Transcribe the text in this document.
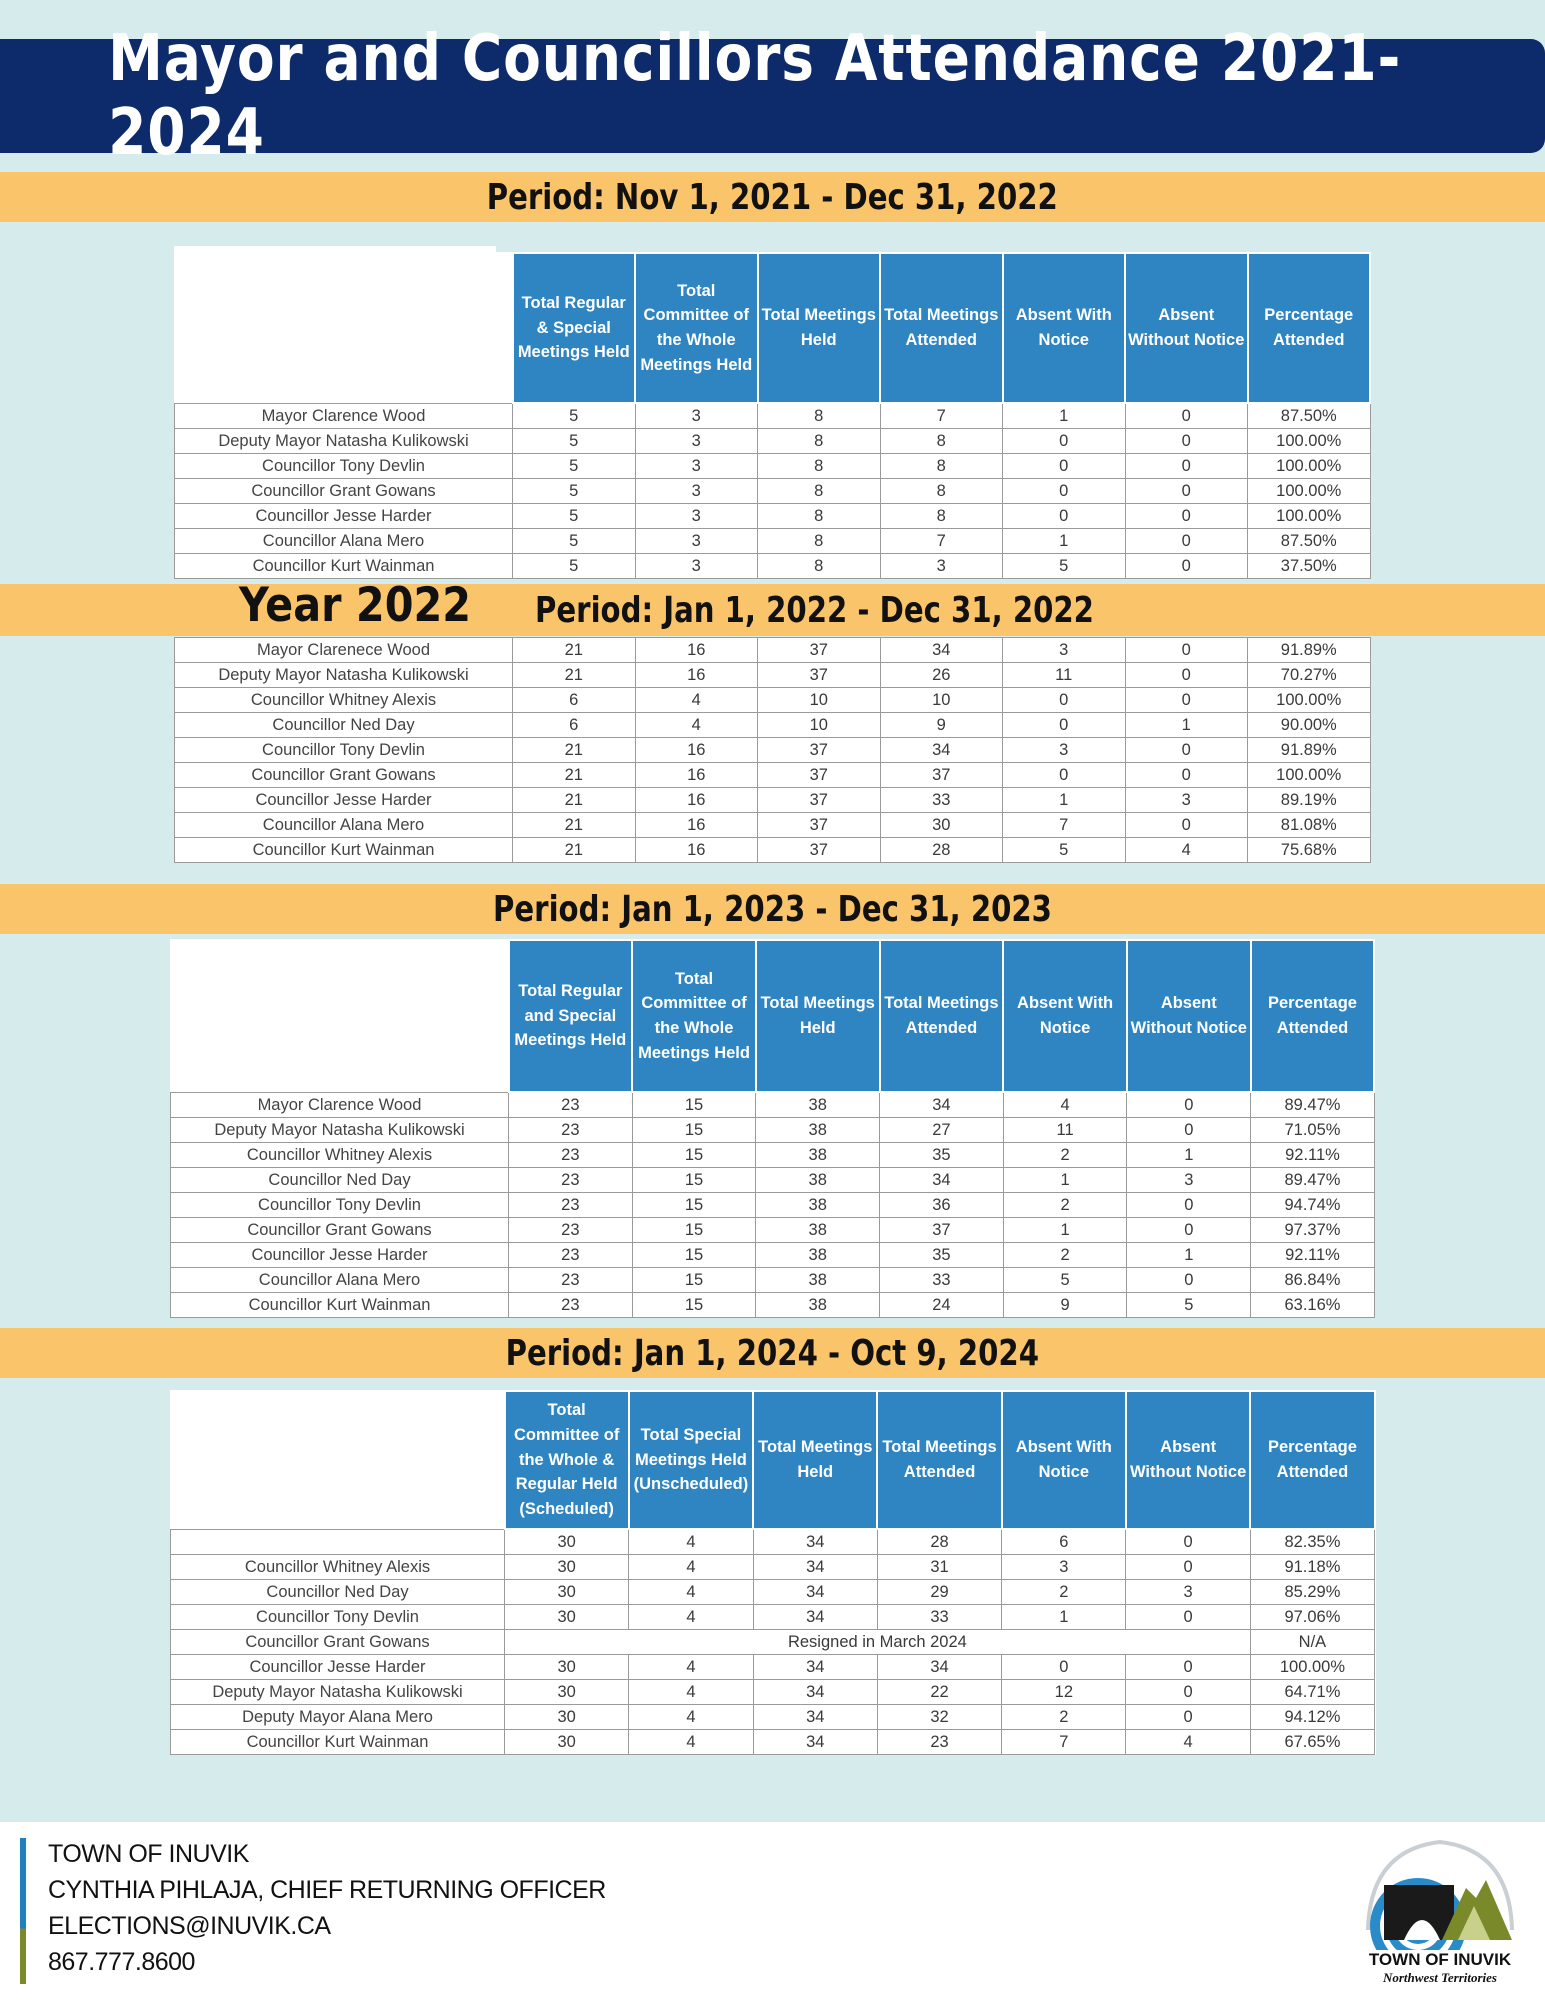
Mayor and Councillors Attendance 2021-2024
Period: Nov 1, 2021 - Dec 31, 2022
	Total Regular & Special Meetings Held	Total Committee of the Whole Meetings Held	Total Meetings Held	Total Meetings Attended	Absent With Notice	Absent Without Notice	Percentage Attended
Mayor Clarence Wood	5	3	8	7	1	0	87.50%
Deputy Mayor Natasha Kulikowski	5	3	8	8	0	0	100.00%
Councillor Tony Devlin	5	3	8	8	0	0	100.00%
Councillor Grant Gowans	5	3	8	8	0	0	100.00%
Councillor Jesse Harder	5	3	8	8	0	0	100.00%
Councillor Alana Mero	5	3	8	7	1	0	87.50%
Councillor Kurt Wainman	5	3	8	3	5	0	37.50%
Period: Jan 1, 2022 - Dec 31, 2022
Year 2022
Mayor Clarenece Wood	21	16	37	34	3	0	91.89%
Deputy Mayor Natasha Kulikowski	21	16	37	26	11	0	70.27%
Councillor Whitney Alexis	6	4	10	10	0	0	100.00%
Councillor Ned Day	6	4	10	9	0	1	90.00%
Councillor Tony Devlin	21	16	37	34	3	0	91.89%
Councillor Grant Gowans	21	16	37	37	0	0	100.00%
Councillor Jesse Harder	21	16	37	33	1	3	89.19%
Councillor Alana Mero	21	16	37	30	7	0	81.08%
Councillor Kurt Wainman	21	16	37	28	5	4	75.68%
Period: Jan 1, 2023 - Dec 31, 2023
	Total Regular and Special Meetings Held	Total Committee of the Whole Meetings Held	Total Meetings Held	Total Meetings Attended	Absent With Notice	Absent Without Notice	Percentage Attended
Mayor Clarence Wood	23	15	38	34	4	0	89.47%
Deputy Mayor Natasha Kulikowski	23	15	38	27	11	0	71.05%
Councillor Whitney Alexis	23	15	38	35	2	1	92.11%
Councillor Ned Day	23	15	38	34	1	3	89.47%
Councillor Tony Devlin	23	15	38	36	2	0	94.74%
Councillor Grant Gowans	23	15	38	37	1	0	97.37%
Councillor Jesse Harder	23	15	38	35	2	1	92.11%
Councillor Alana Mero	23	15	38	33	5	0	86.84%
Councillor Kurt Wainman	23	15	38	24	9	5	63.16%
Period: Jan 1, 2024 - Oct 9, 2024
	Total Committee of the Whole & Regular Held (Scheduled)	Total Special Meetings Held (Unscheduled)	Total Meetings Held	Total Meetings Attended	Absent With Notice	Absent Without Notice	Percentage Attended
	30	4	34	28	6	0	82.35%
Councillor Whitney Alexis	30	4	34	31	3	0	91.18%
Councillor Ned Day	30	4	34	29	2	3	85.29%
Councillor Tony Devlin	30	4	34	33	1	0	97.06%
Councillor Grant Gowans	Resigned in March 2024						N/A
Councillor Jesse Harder	30	4	34	34	0	0	100.00%
Deputy Mayor Natasha Kulikowski	30	4	34	22	12	0	64.71%
Deputy Mayor Alana Mero	30	4	34	32	2	0	94.12%
Councillor Kurt Wainman	30	4	34	23	7	4	67.65%
TOWN OF INUVIK
CYNTHIA PIHLAJA, CHIEF RETURNING OFFICER
ELECTIONS@INUVIK.CA
867.777.8600	TOWN OF INUVIK
Northwest Territories
